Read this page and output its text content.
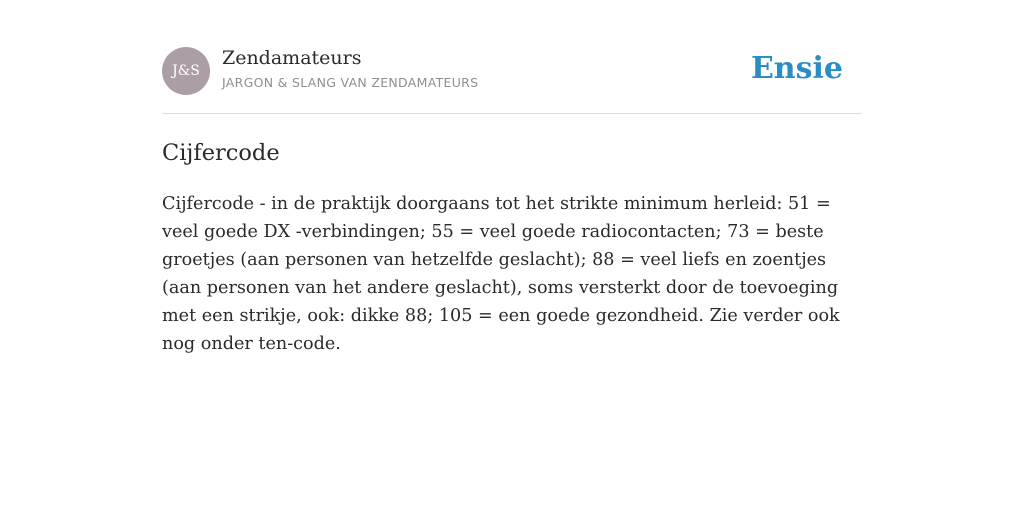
J&S
Zendamateurs
JARGON & SLANG VAN ZENDAMATEURS	Ensie
Cijfercode

Cijfercode - in de praktijk doorgaans tot het strikte minimum herleid: 51 = veel goede DX -verbindingen; 55 = veel goede radiocontacten; 73 = beste groetjes (aan personen van hetzelfde geslacht); 88 = veel liefs en zoentjes (aan personen van het andere geslacht), soms versterkt door de toevoeging met een strikje, ook: dikke 88; 105 = een goede gezondheid. Zie verder ook nog onder ten-code.
